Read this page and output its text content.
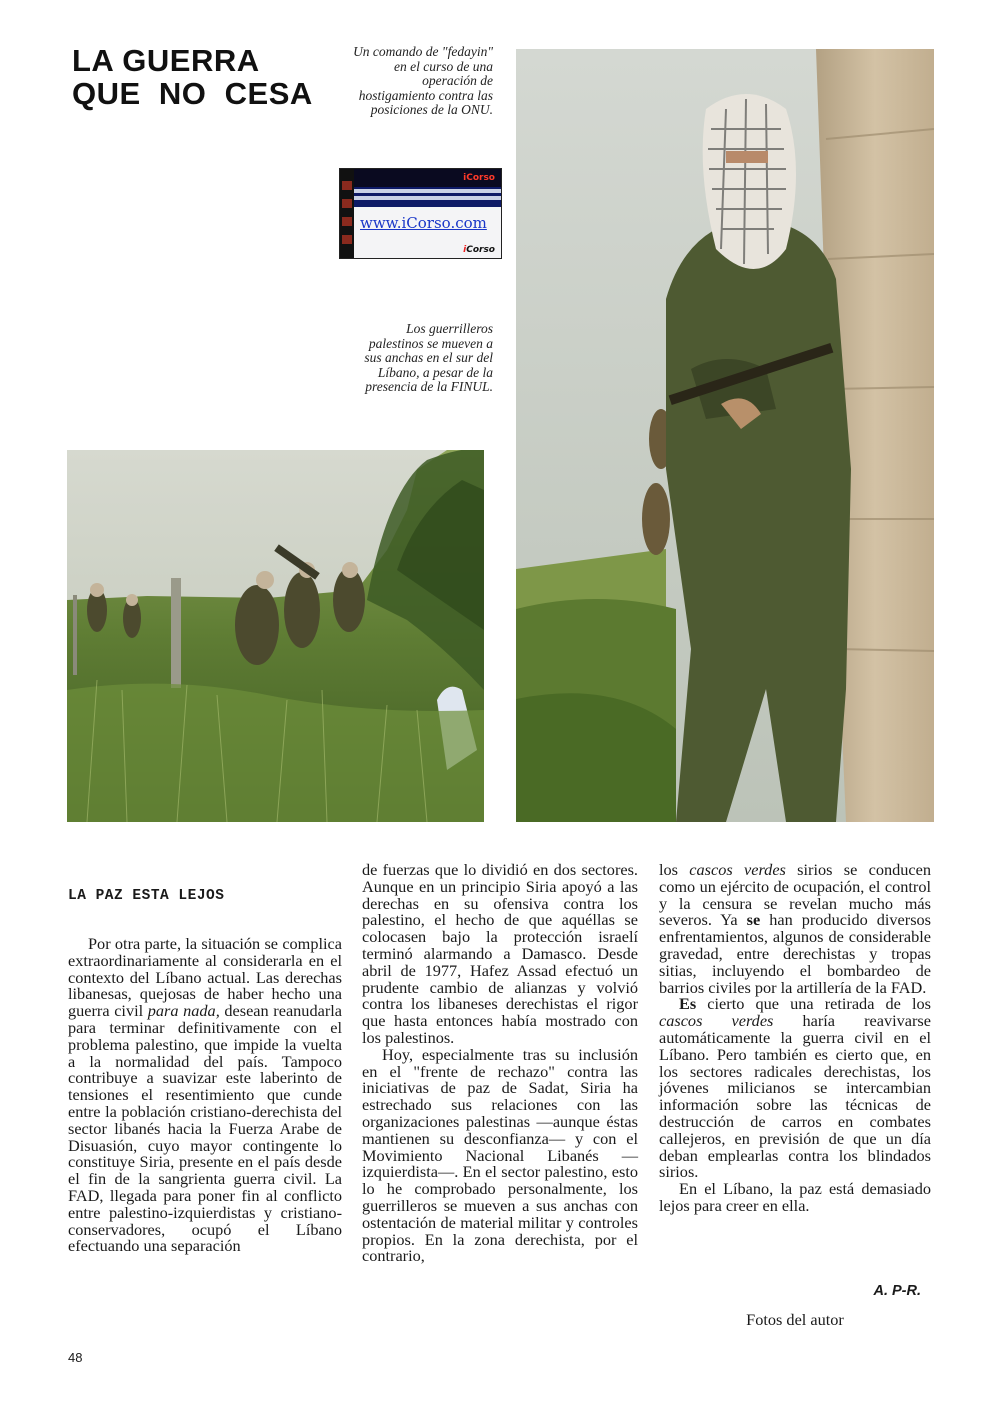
LA GUERRA
QUE  NO  CESA
Un comando de "fedayin" en el curso de una operación de hostigamiento contra las posiciones de la ONU.
iCorso
www.iCorso.com
iCorso
Los guerrilleros palestinos se mueven a sus anchas en el sur del Líbano, a pesar de la presencia de la FINUL.
LA PAZ ESTA LEJOS

Por otra parte, la situación se complica extraordinariamente al considerarla en el contexto del Líbano actual. Las derechas libanesas, quejosas de haber hecho una guerra civil para nada, desean reanudarla para terminar definitivamente con el problema palestino, que impide la vuelta a la normalidad del país. Tampoco contribuye a suavizar este laberinto de tensiones el resentimiento que cunde entre la población cristiano-derechista del sector libanés hacia la Fuerza Arabe de Disuasión, cuyo mayor contingente lo constituye Siria, presente en el país desde el fin de la sangrienta guerra civil. La FAD, llegada para poner fin al conflicto entre palestino-izquierdistas y cristiano-conservadores, ocupó el Líbano efectuando una separación

de fuerzas que lo dividió en dos sectores. Aunque en un principio Siria apoyó a las derechas en su ofensiva contra los palestino, el hecho de que aquéllas se colocasen bajo la protección israelí terminó alarmando a Damasco. Desde abril de 1977, Hafez Assad efectuó un prudente cambio de alianzas y volvió contra los libaneses derechistas el rigor que hasta entonces había mostrado con los palestinos.

Hoy, especialmente tras su inclusión en el "frente de rechazo" contra las iniciativas de paz de Sadat, Siria ha estrechado sus relaciones con las organizaciones palestinas —aunque éstas mantienen su desconfianza— y con el Movimiento Nacional Libanés —izquierdista—. En el sector palestino, esto lo he comprobado personalmente, los guerrilleros se mueven a sus anchas con ostentación de material militar y controles propios. En la zona derechista, por el contrario,

los cascos verdes sirios se conducen como un ejército de ocupación, el control y la censura se revelan mucho más severos. Ya se han producido diversos enfrentamientos, algunos de considerable gravedad, entre derechistas y tropas sitias, incluyendo el bombardeo de barrios civiles por la artillería de la FAD.

Es cierto que una retirada de los cascos verdes haría reavivarse automáticamente la guerra civil en el Líbano. Pero también es cierto que, en los sectores radicales derechistas, los jóvenes milicianos se intercambian información sobre las técnicas de destrucción de carros en combates callejeros, en previsión de que un día deban emplearlas contra los blindados sirios.

En el Líbano, la paz está demasiado lejos para creer en ella.

A. P-R.
Fotos del autor
48
